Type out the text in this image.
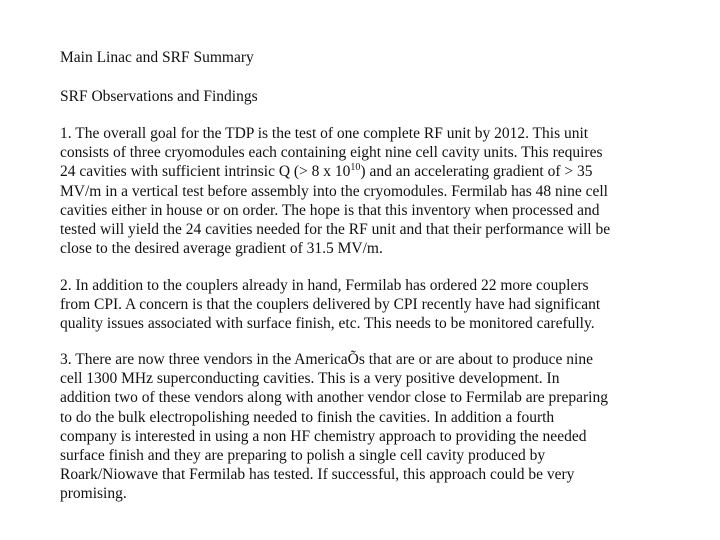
Main Linac and SRF Summary
SRF Observations and Findings
1. The overall goal for the TDP is the test of one complete RF unit by 2012. This unit
consists of three cryomodules each containing eight nine cell cavity units. This requires
24 cavities with sufficient intrinsic Q (> 8 x $10^{10}$) and an accelerating gradient of > 35
MV/m in a vertical test before assembly into the cryomodules. Fermilab has 48 nine cell
cavities either in house or on order. The hope is that this inventory when processed and
tested will yield the 24 cavities needed for the RF unit and that their performance will be
close to the desired average gradient of 31.5 MV/m.
2. In addition to the couplers already in hand, Fermilab has ordered 22 more couplers
from CPI. A concern is that the couplers delivered by CPI recently have had significant
quality issues associated with surface finish, etc. This needs to be monitored carefully.
3. There are now three vendors in the AmericaÕs that are or are about to produce nine
cell 1300 MHz superconducting cavities. This is a very positive development. In
addition two of these vendors along with another vendor close to Fermilab are preparing
to do the bulk electropolishing needed to finish the cavities. In addition a fourth
company is interested in using a non HF chemistry approach to providing the needed
surface finish and they are preparing to polish a single cell cavity produced by
Roark/Niowave that Fermilab has tested. If successful, this approach could be very
promising.
